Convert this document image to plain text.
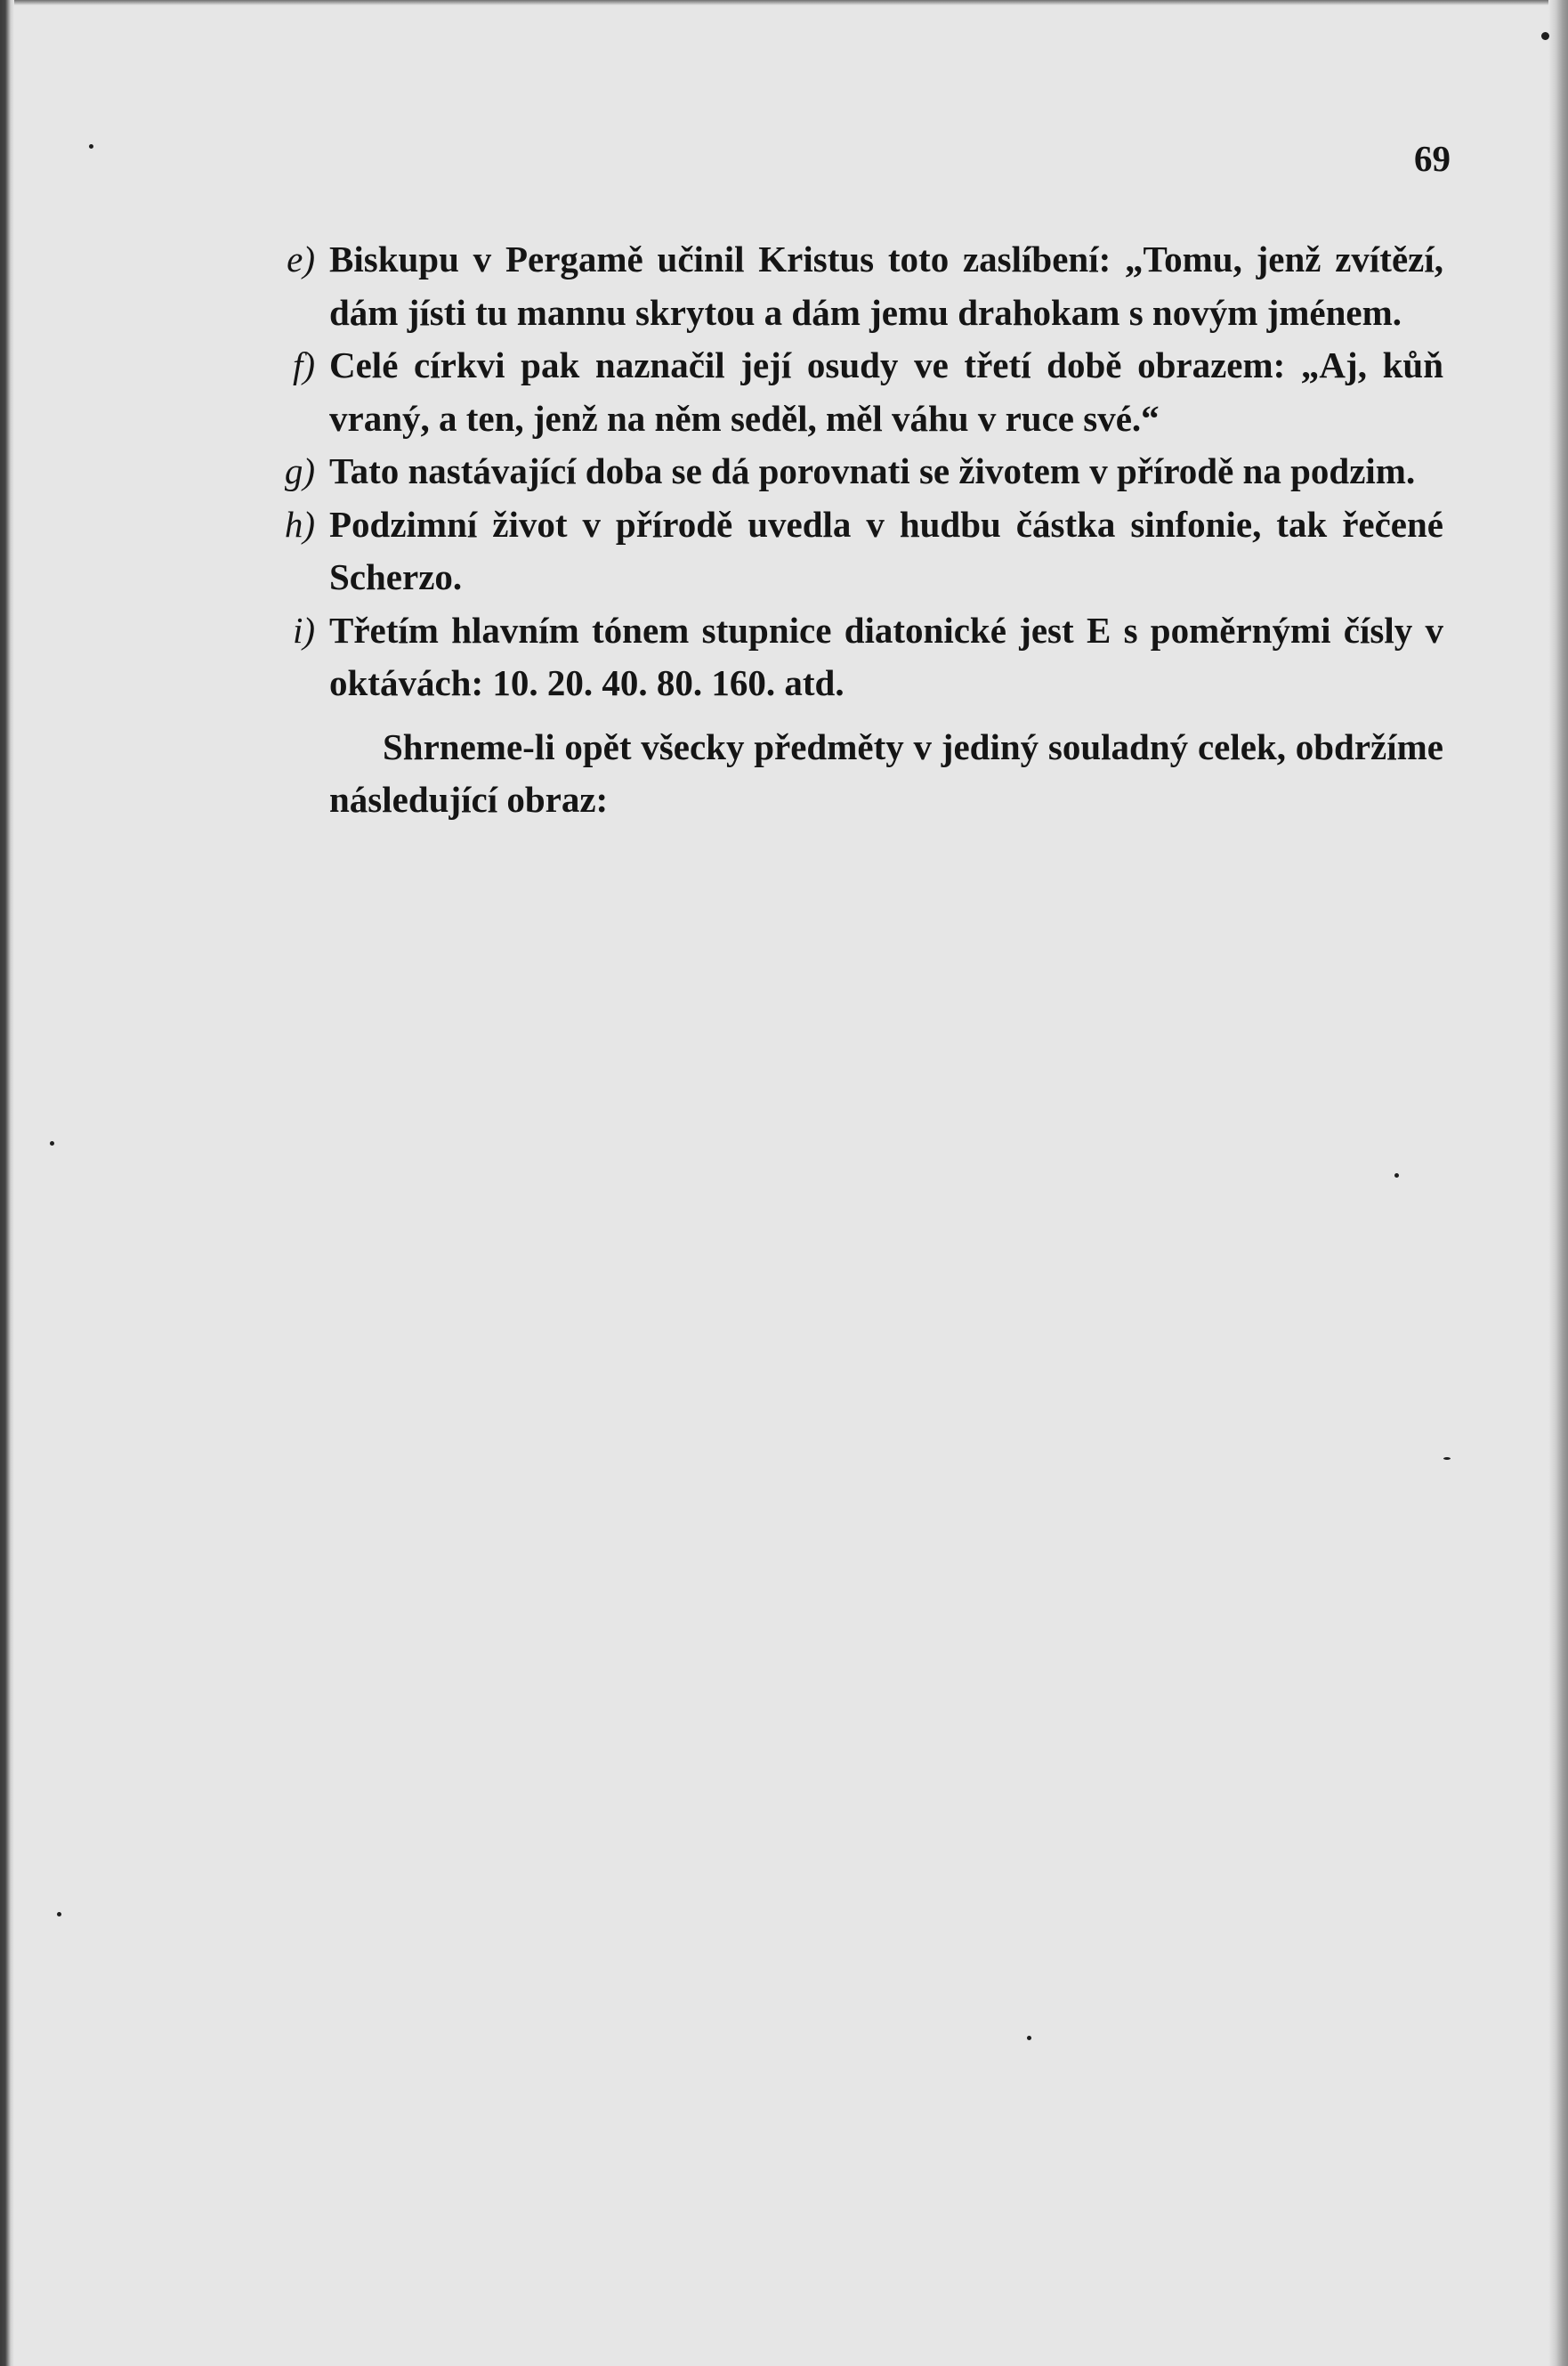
69
e) Biskupu v Pergamě učinil Kristus toto zaslíbení: „Tomu, jenž zvítězí, dám jísti tu mannu skrytou a dám jemu drahokam s novým jménem.
f) Celé církvi pak naznačil její osudy ve třetí době obrazem: „Aj, kůň vraný, a ten, jenž na něm seděl, měl váhu v ruce své.“
g) Tato nastávající doba se dá porovnati se životem v přírodě na podzim.
h) Podzimní život v přírodě uvedla v hudbu částka sinfonie, tak řečené Scherzo.
i) Třetím hlavním tónem stupnice diatonické jest E s poměrnými čísly v oktávách: 10. 20. 40. 80. 160. atd.

Shrneme-li opět všecky předměty v jediný souladný celek, obdržíme následující obraz:
